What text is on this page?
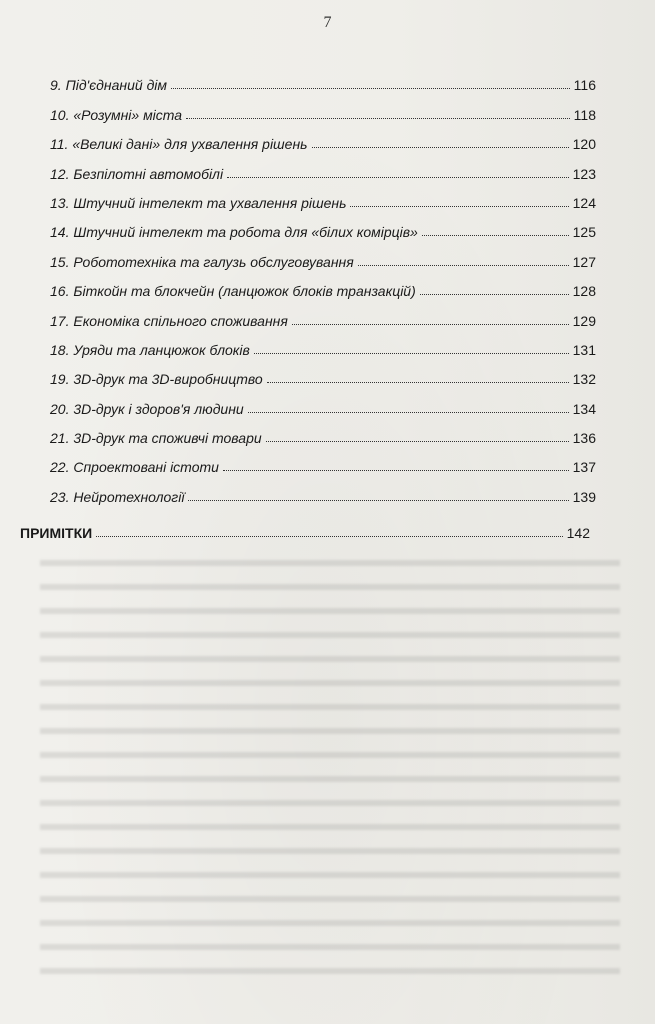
7
9. Під'єднаний дім	116
10. «Розумні» міста	118
11. «Великі дані» для ухвалення рішень	120
12. Безпілотні автомобілі	123
13. Штучний інтелект та ухвалення рішень	124
14. Штучний інтелект та робота для «білих комірців»	125
15. Робототехніка та галузь обслуговування	127
16. Біткойн та блокчейн (ланцюжок блоків транзакцій)	128
17. Економіка спільного споживання	129
18. Уряди та ланцюжок блоків	131
19. 3D-друк та 3D-виробництво	132
20. 3D-друк і здоров'я людини	134
21. 3D-друк та споживчі товари	136
22. Спроектовані істоти	137
23. Нейротехнології	139
ПРИМІТКИ	142
